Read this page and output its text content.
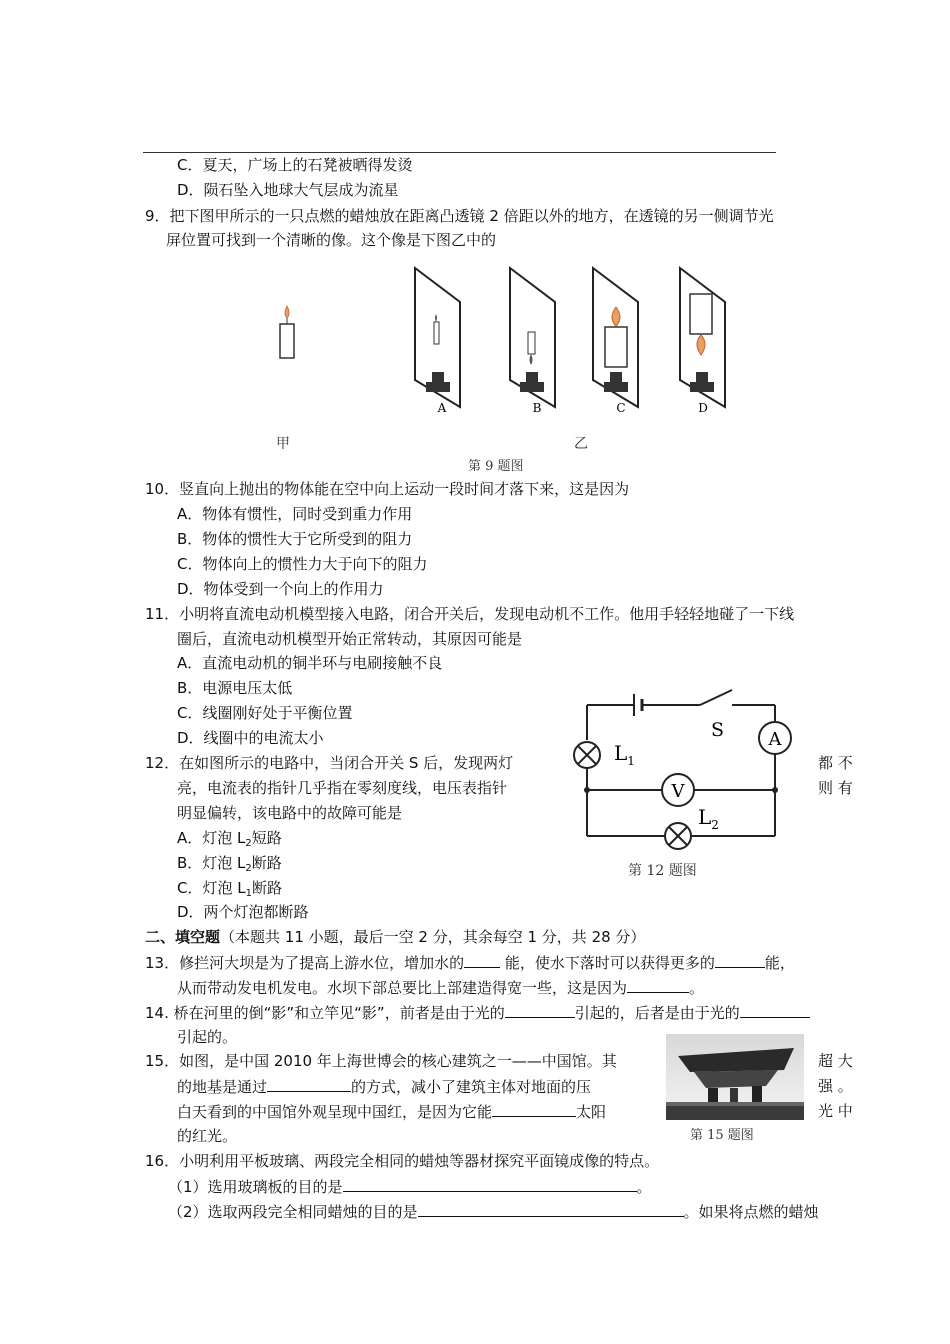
C．夏天，广场上的石凳被晒得发烫
D．陨石坠入地球大气层成为流星
9．把下图甲所示的一只点燃的蜡烛放在距离凸透镜 2 倍距以外的地方，在透镜的另一侧调节光
屏位置可找到一个清晰的像。这个像是下图乙中的
A	B	C	D
甲	乙
第 9 题图
10．竖直向上抛出的物体能在空中向上运动一段时间才落下来，这是因为
A．物体有惯性，同时受到重力作用
B．物体的惯性大于它所受到的阻力
C．物体向上的惯性力大于向下的阻力
D．物体受到一个向上的作用力
11．小明将直流电动机模型接入电路，闭合开关后，发现电动机不工作。他用手轻轻地碰了一下线
圈后，直流电动机模型开始正常转动，其原因可能是
A．直流电动机的铜半环与电刷接触不良
B．电源电压太低
C．线圈刚好处于平衡位置
D．线圈中的电流太小	S A
V
$L_1$
$L_2$
第 12 题图
12．在如图所示的电路中，当闭合开关 S 后，发现两灯	都 不
亮，电流表的指针几乎指在零刻度线，电压表指针	则 有
明显偏转，该电路中的故障可能是
A．灯泡 $L_2$短路
B．灯泡 $L_2$断路
C．灯泡 $L_1$断路
D．两个灯泡都断路
二、填空题（本题共 11 小题，最后一空 2 分，其余每空 1 分，共 28 分）
13．修拦河大坝是为了提高上游水位，增加水的	能，使水下落时可以获得更多的	能，
从而带动发电机发电。水坝下部总要比上部建造得宽一些，这是因为	。
14. 桥在河里的倒“影”和立竿见“影”，前者是由于光的	引起的，后者是由于光的
引起的。
第 15 题图
15．如图，是中国 2010 年上海世博会的核心建筑之一——中国馆。其	超 大
的地基是通过	的方式，减小了建筑主体对地面的压	强 。
白天看到的中国馆外观呈现中国红，是因为它能	太阳	光 中
的红光。
16．小明利用平板玻璃、两段完全相同的蜡烛等器材探究平面镜成像的特点。
（1）选用玻璃板的目的是	。
（2）选取两段完全相同蜡烛的目的是	。如果将点燃的蜡烛
